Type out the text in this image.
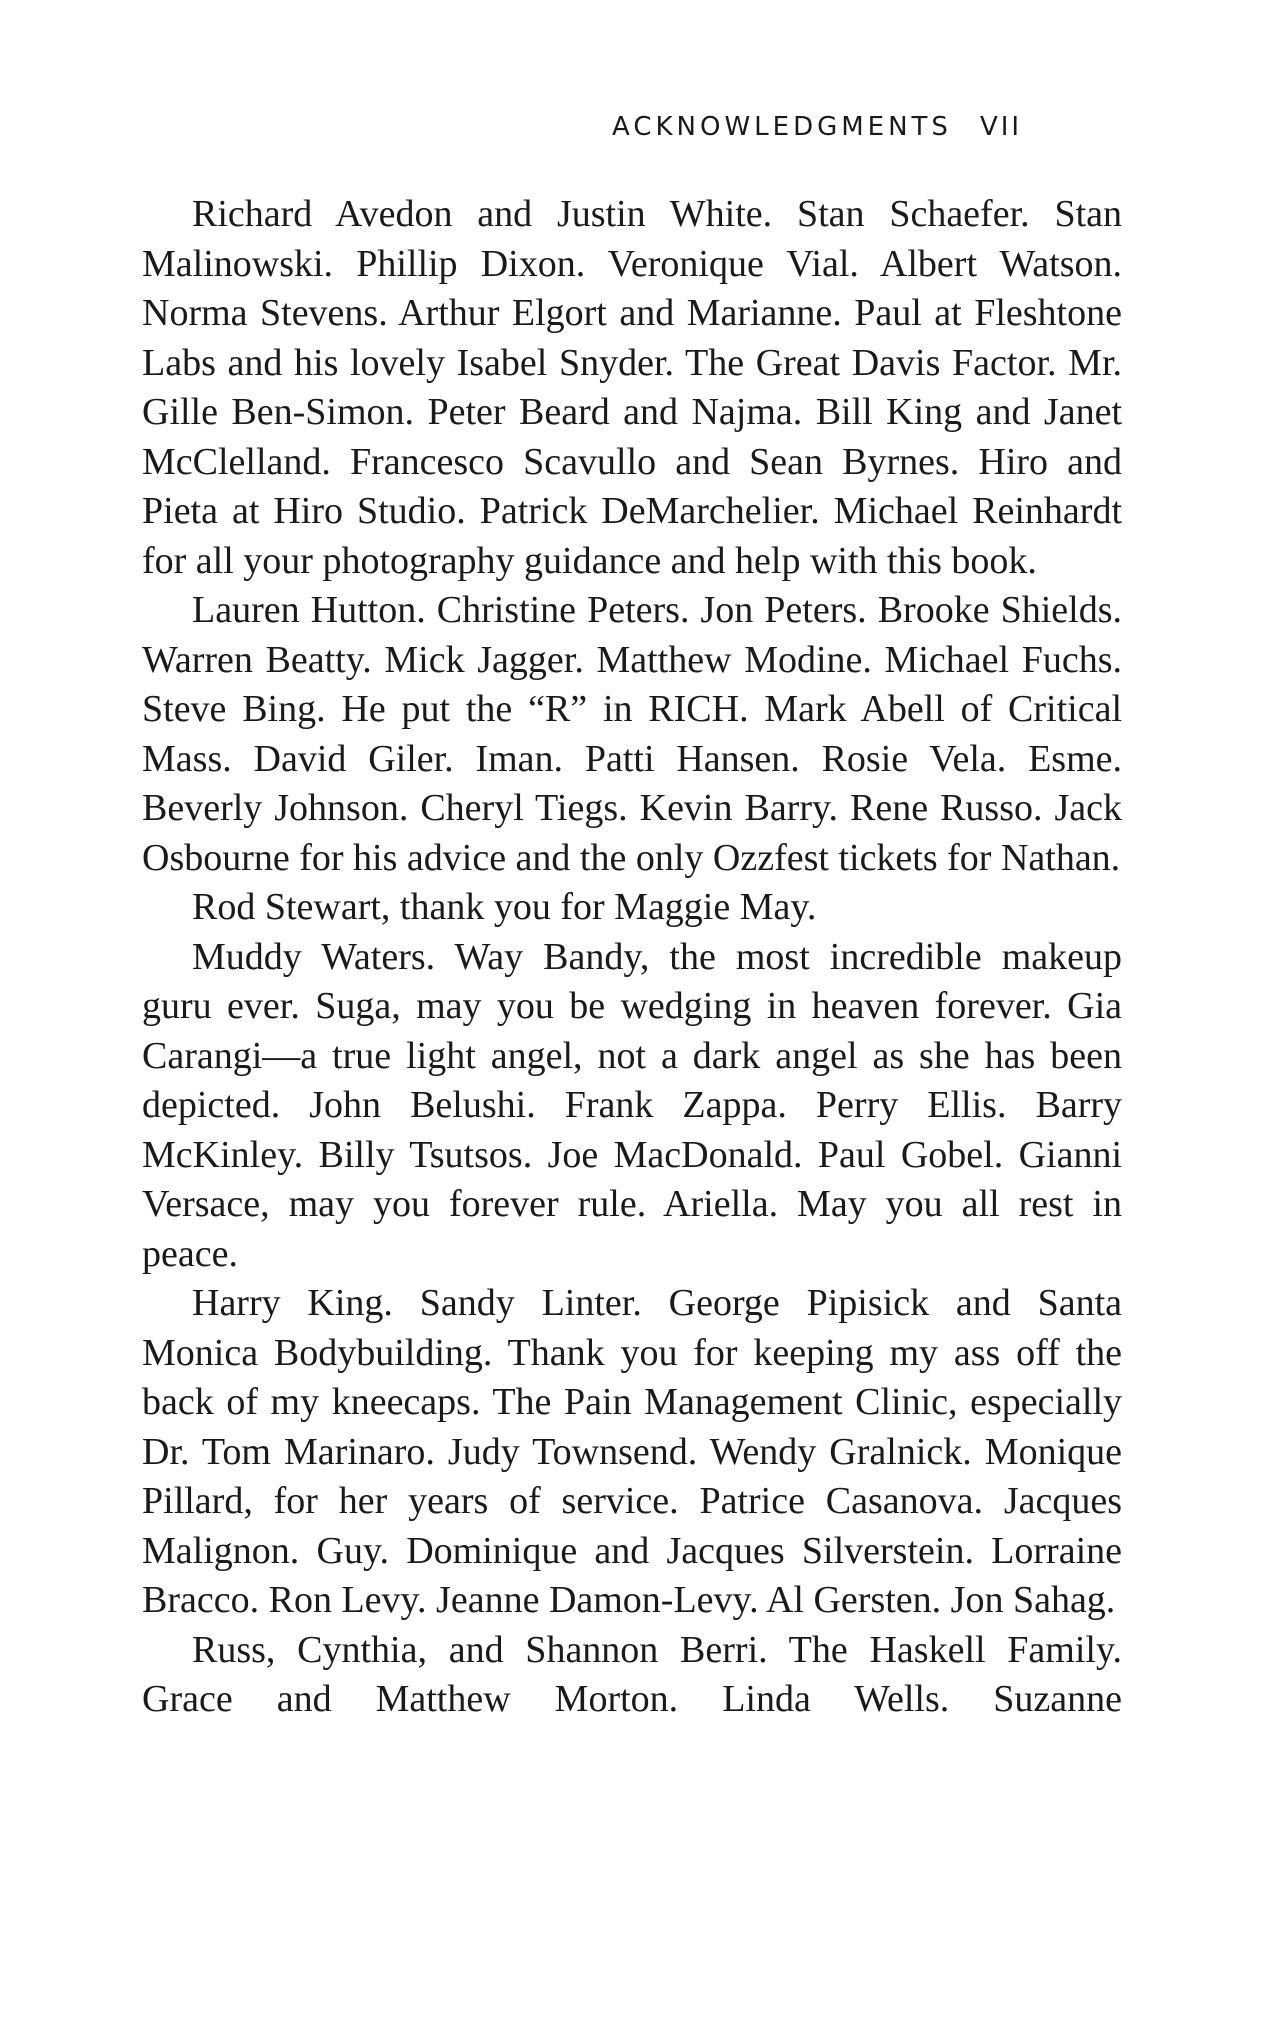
ACKNOWLEDGMENTS VII

Richard Avedon and Justin White. Stan Schaefer. Stan Malinowski. Phillip Dixon. Veronique Vial. Albert Watson. Norma Stevens. Arthur Elgort and Marianne. Paul at Fleshtone Labs and his lovely Isabel Snyder. The Great Davis Factor. Mr. Gille Ben-Simon. Peter Beard and Najma. Bill King and Janet McClelland. Francesco Scavullo and Sean Byrnes. Hiro and Pieta at Hiro Studio. Patrick DeMarchelier. Michael Reinhardt for all your photography guidance and help with this book.

Lauren Hutton. Christine Peters. Jon Peters. Brooke Shields. Warren Beatty. Mick Jagger. Matthew Modine. Michael Fuchs. Steve Bing. He put the “R” in RICH. Mark Abell of Critical Mass. David Giler. Iman. Patti Hansen. Rosie Vela. Esme. Beverly Johnson. Cheryl Tiegs. Kevin Barry. Rene Russo. Jack Osbourne for his advice and the only Ozzfest tickets for Nathan.

Rod Stewart, thank you for Maggie May.

Muddy Waters. Way Bandy, the most incredible makeup guru ever. Suga, may you be wedging in heaven forever. Gia Carangi—a true light angel, not a dark angel as she has been depicted. John Belushi. Frank Zappa. Perry Ellis. Barry McKinley. Billy Tsutsos. Joe MacDonald. Paul Gobel. Gianni Versace, may you forever rule. Ariella. May you all rest in peace.

Harry King. Sandy Linter. George Pipisick and Santa Monica Bodybuilding. Thank you for keeping my ass off the back of my kneecaps. The Pain Management Clinic, especially Dr. Tom Marinaro. Judy Townsend. Wendy Gralnick. Monique Pillard, for her years of service. Patrice Casanova. Jacques Malignon. Guy. Dominique and Jacques Silverstein. Lorraine Bracco. Ron Levy. Jeanne Damon-Levy. Al Gersten. Jon Sahag.

Russ, Cynthia, and Shannon Berri. The Haskell Family. Grace and Matthew Morton. Linda Wells. Suzanne
